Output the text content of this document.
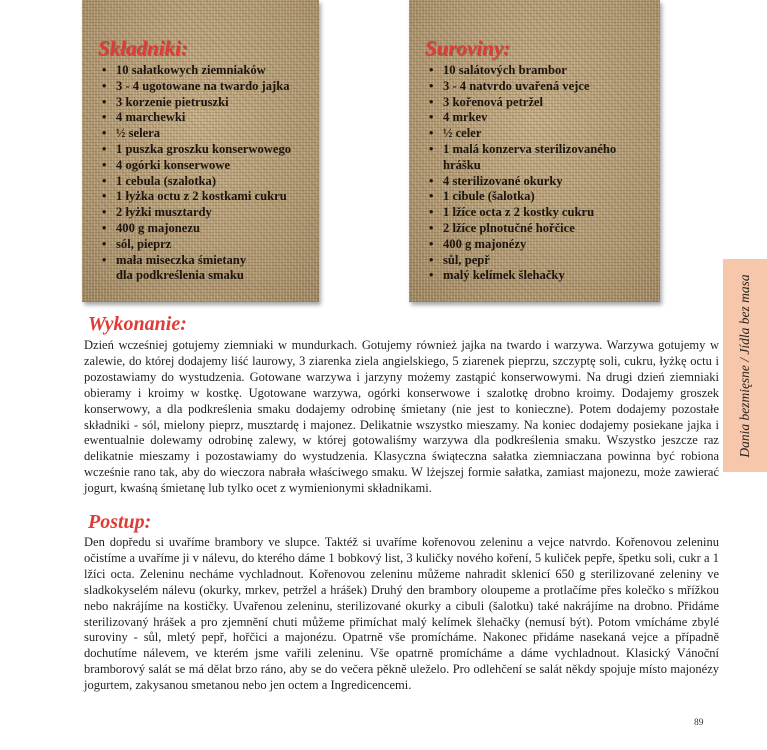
Składniki:
• 10 sałatkowych ziemniaków
• 3 - 4 ugotowane na twardo jajka
• 3 korzenie pietruszki
• 4 marchewki
• ½ selera
• 1 puszka groszku konserwowego
• 4 ogórki konserwowe
• 1 cebula (szalotka)
• 1 łyżka octu z 2 kostkami cukru
• 2 łyżki musztardy
• 400 g majonezu
• sól, pieprz
• mała miseczka śmietany
dla podkreślenia smaku
Suroviny:
• 10 salátových brambor
• 3 - 4 natvrdo uvařená vejce
• 3 kořenová petržel
• 4 mrkev
• ½ celer
• 1 malá konzerva sterilizovaného
hrášku
• 4 sterilizované okurky
• 1 cibule (šalotka)
• 1 lžíce octa z 2 kostky cukru
• 2 lžíce plnotučné hořčice
• 400 g majonézy
• sůl, pepř
• malý kelímek šlehačky
Wykonanie:

Dzień wcześniej gotujemy ziemniaki w mundurkach. Gotujemy również jajka na twardo i warzywa. Warzywa gotujemy w zalewie, do której dodajemy liść laurowy, 3 ziarenka ziela angielskiego, 5 ziarenek pieprzu, szczyptę soli, cukru, łyżkę octu i pozostawiamy do wystudzenia. Gotowane warzywa i jarzyny możemy zastąpić konserwowymi. Na drugi dzień ziemniaki obieramy i kroimy w kostkę. Ugotowane warzywa, ogórki konserwowe i szalotkę drobno kroimy. Dodajemy groszek konserwowy, a dla podkreślenia smaku dodajemy odrobinę śmietany (nie jest to konieczne). Potem dodajemy pozostałe składniki - sól, mielony pieprz, musztardę i majonez. Delikatnie wszystko mieszamy. Na koniec dodajemy posiekane jajka i ewentualnie dolewamy odrobinę zalewy, w której gotowaliśmy warzywa dla podkreślenia smaku. Wszystko jeszcze raz delikatnie mieszamy i pozostawiamy do wystudzenia. Klasyczna świąteczna sałatka ziemniaczana powinna być robiona wcześnie rano tak, aby do wieczora nabrała właściwego smaku. W lżejszej formie sałatka, zamiast majonezu, może zawierać jogurt, kwaśną śmietanę lub tylko ocet z wymienionymi składnikami.

Postup:

Den dopředu si uvaříme brambory ve slupce. Taktéž si uvaříme kořenovou zeleninu a vejce natvrdo. Kořenovou zeleninu očistíme a uvaříme ji v nálevu, do kterého dáme 1 bobkový list, 3 kuličky nového koření, 5 kuliček pepře, špetku soli, cukr a 1 lžíci octa. Zeleninu necháme vychladnout. Kořenovou zeleninu můžeme nahradit sklenicí 650 g sterilizované zeleniny ve sladkokyselém nálevu (okurky, mrkev, petržel a hrášek) Druhý den brambory oloupeme a protlačíme přes kolečko s mřížkou nebo nakrájíme na kostičky. Uvařenou zeleninu, sterilizované okurky a cibuli (šalotku) také nakrájíme na drobno. Přidáme sterilizovaný hrášek a pro zjemnění chuti můžeme přimíchat malý kelímek šlehačky (nemusí být). Potom vmícháme zbylé suroviny - sůl, mletý pepř, hořčici a majonézu. Opatrně vše promícháme. Nakonec přidáme nasekaná vejce a případně dochutíme nálevem, ve kterém jsme vařili zeleninu. Vše opatrně promícháme a dáme vychladnout. Klasický Vánoční bramborový salát se má dělat brzo ráno, aby se do večera pěkně uleželo. Pro odlehčení se salát někdy spojuje místo majonézy jogurtem, zakysanou smetanou nebo jen octem a Ingredicencemi.

Dania bezmięsne / Jídla bez masa
89
